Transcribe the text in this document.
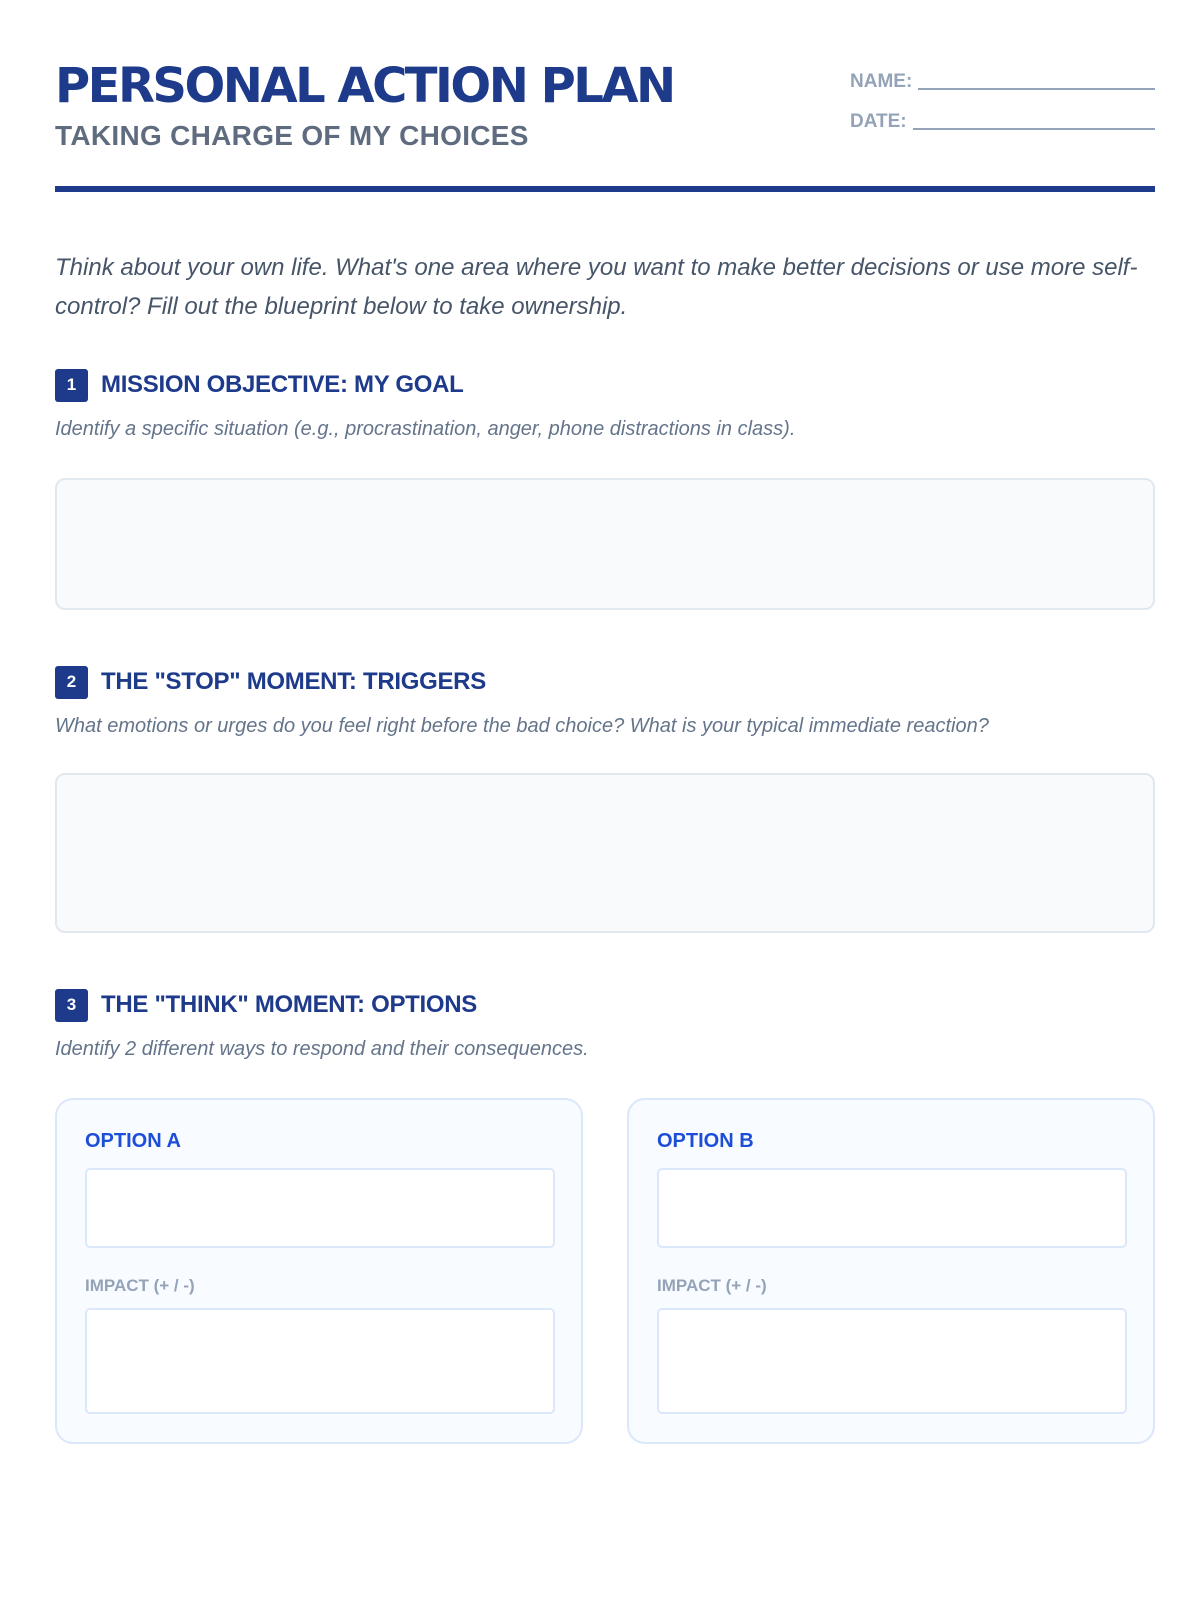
PERSONAL ACTION PLAN
TAKING CHARGE OF MY CHOICES
NAME:
DATE:
Think about your own life. What's one area where you want to make better decisions or use more self-control? Fill out the blueprint below to take ownership.
1	MISSION OBJECTIVE: MY GOAL
Identify a specific situation (e.g., procrastination, anger, phone distractions in class).
2	THE "STOP" MOMENT: TRIGGERS
What emotions or urges do you feel right before the bad choice? What is your typical immediate reaction?
3	THE "THINK" MOMENT: OPTIONS
Identify 2 different ways to respond and their consequences.
OPTION A
IMPACT (+ / -)
OPTION B
IMPACT (+ / -)
